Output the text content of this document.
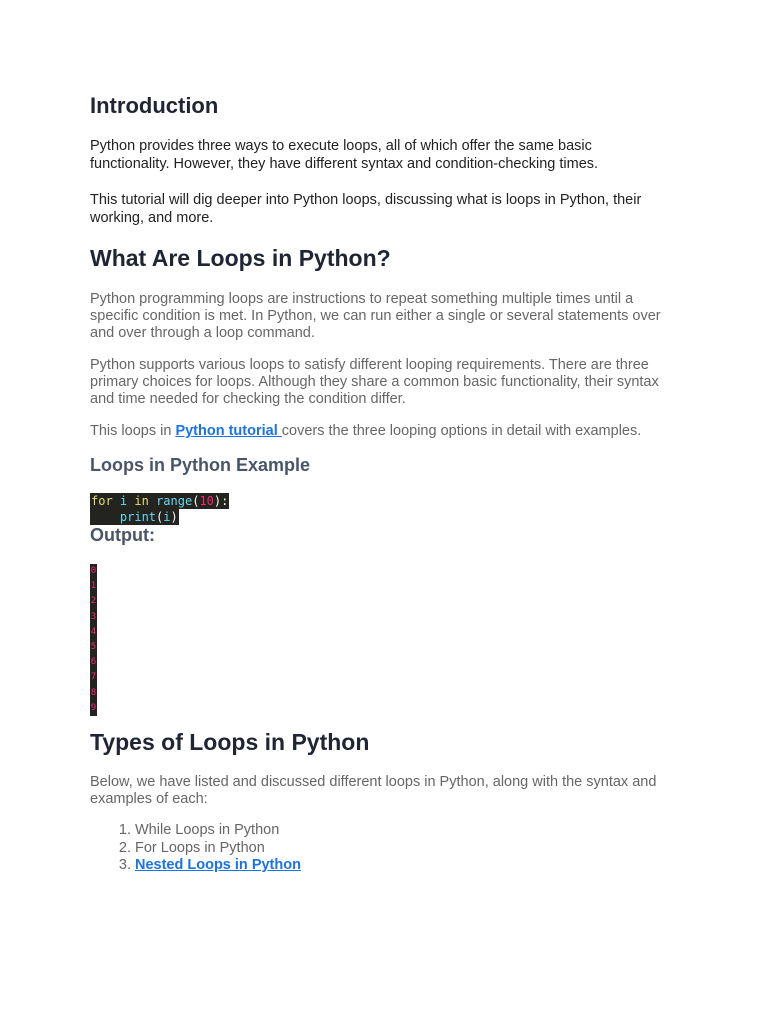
Introduction

Python provides three ways to execute loops, all of which offer the same basic functionality. However, they have different syntax and condition-checking times.

This tutorial will dig deeper into Python loops, discussing what is loops in Python, their working, and more.

What Are Loops in Python?

Python programming loops are instructions to repeat something multiple times until a specific condition is met. In Python, we can run either a single or several statements over and over through a loop command.

Python supports various loops to satisfy different looping requirements. There are three primary choices for loops. Although they share a common basic functionality, their syntax and time needed for checking the condition differ.

This loops in Python tutorial covers the three looping options in detail with examples.

Loops in Python Example
for i in range(10):
print(i)
Output:
0
1
2
3
4
5
6
7
8
9
Types of Loops in Python

Below, we have listed and discussed different loops in Python, along with the syntax and examples of each:

1. While Loops in Python
2. For Loops in Python
3. Nested Loops in Python
